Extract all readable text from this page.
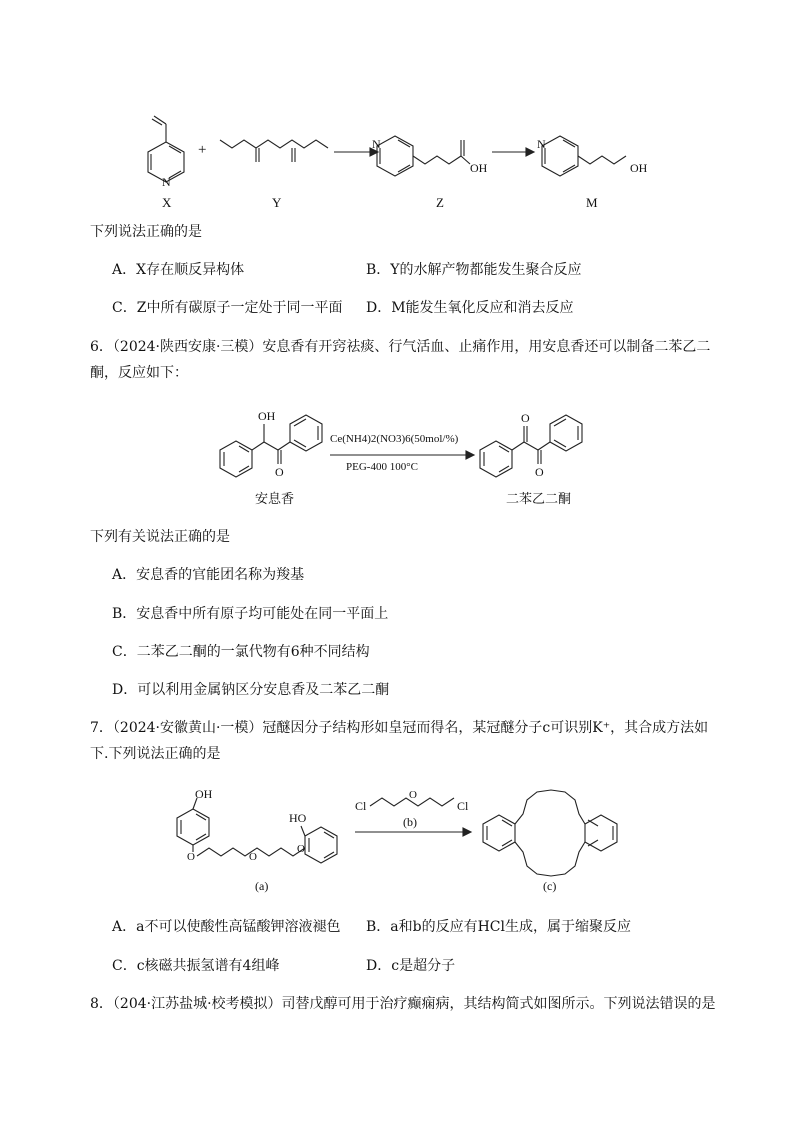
N
X
+
Y
N
OH
Z
N
OH
M
下列说法正确的是
A．X存在顺反异构体	B．Y的水解产物都能发生聚合反应
C．Z中所有碳原子一定处于同一平面 D．M能发生氧化反应和消去反应
6．（2024·陕西安康·三模）安息香有开窍祛痰、行气活血、止痛作用，用安息香还可以制备二苯乙二
酮，反应如下：
OH
O
安息香
Ce(NH4)2(NO3)6(50mol/%)
PEG-400 100°C
O
O
二苯乙二酮
下列有关说法正确的是
A．安息香的官能团名称为羧基
B．安息香中所有原子均可能处在同一平面上
C．二苯乙二酮的一氯代物有6种不同结构
D．可以利用金属钠区分安息香及二苯乙二酮
7．（2024·安徽黄山·一模）冠醚因分子结构形如皇冠而得名，某冠醚分子c可识别K⁺，其合成方法如
下.下列说法正确的是
OH
O	O
O
HO
(a)
Cl
O
Cl
(b)
(c)
A．a不可以使酸性高锰酸钾溶液褪色 B．a和b的反应有HCl生成，属于缩聚反应
C．c核磁共振氢谱有4组峰	D．c是超分子
8．（204·江苏盐城·校考模拟）司替戊醇可用于治疗癫痫病，其结构简式如图所示。下列说法错误的是
